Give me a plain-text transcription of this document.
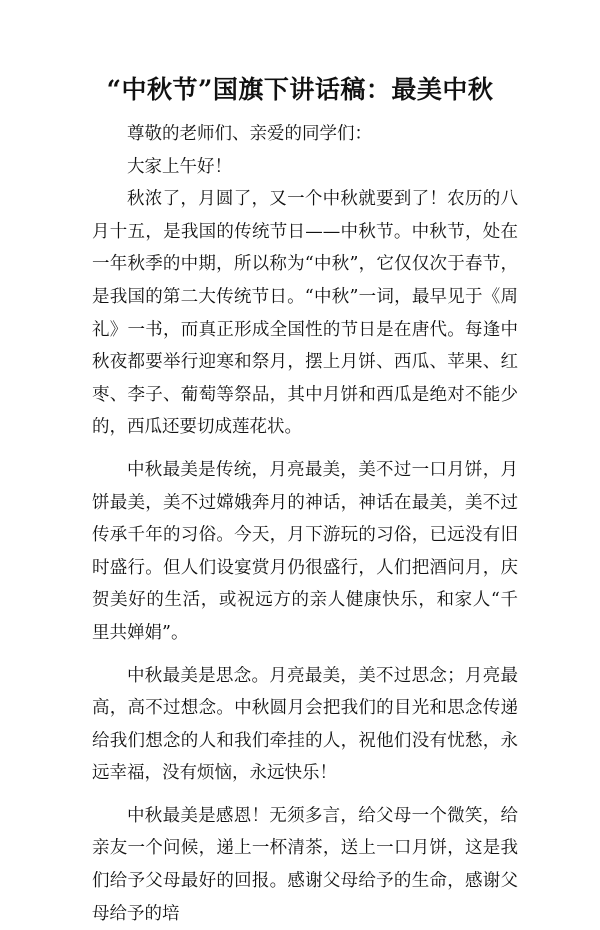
“中秋节”国旗下讲话稿：最美中秋

尊敬的老师们、亲爱的同学们：

大家上午好！

秋浓了，月圆了，又一个中秋就要到了！农历的八月十五，是我国的传统节日——中秋节。中秋节，处在一年秋季的中期，所以称为“中秋”，它仅仅次于春节，是我国的第二大传统节日。“中秋”一词，最早见于《周礼》一书，而真正形成全国性的节日是在唐代。每逢中秋夜都要举行迎寒和祭月，摆上月饼、西瓜、苹果、红枣、李子、葡萄等祭品，其中月饼和西瓜是绝对不能少的，西瓜还要切成莲花状。

中秋最美是传统，月亮最美，美不过一口月饼，月饼最美，美不过嫦娥奔月的神话，神话在最美，美不过传承千年的习俗。今天，月下游玩的习俗，已远没有旧时盛行。但人们设宴赏月仍很盛行，人们把酒问月，庆贺美好的生活，或祝远方的亲人健康快乐，和家人“千里共婵娟”。

中秋最美是思念。月亮最美，美不过思念；月亮最高，高不过想念。中秋圆月会把我们的目光和思念传递给我们想念的人和我们牵挂的人，祝他们没有忧愁，永远幸福，没有烦恼，永远快乐！

中秋最美是感恩！无须多言，给父母一个微笑，给亲友一个问候，递上一杯清茶，送上一口月饼，这是我们给予父母最好的回报。感谢父母给予的生命，感谢父母给予的培
